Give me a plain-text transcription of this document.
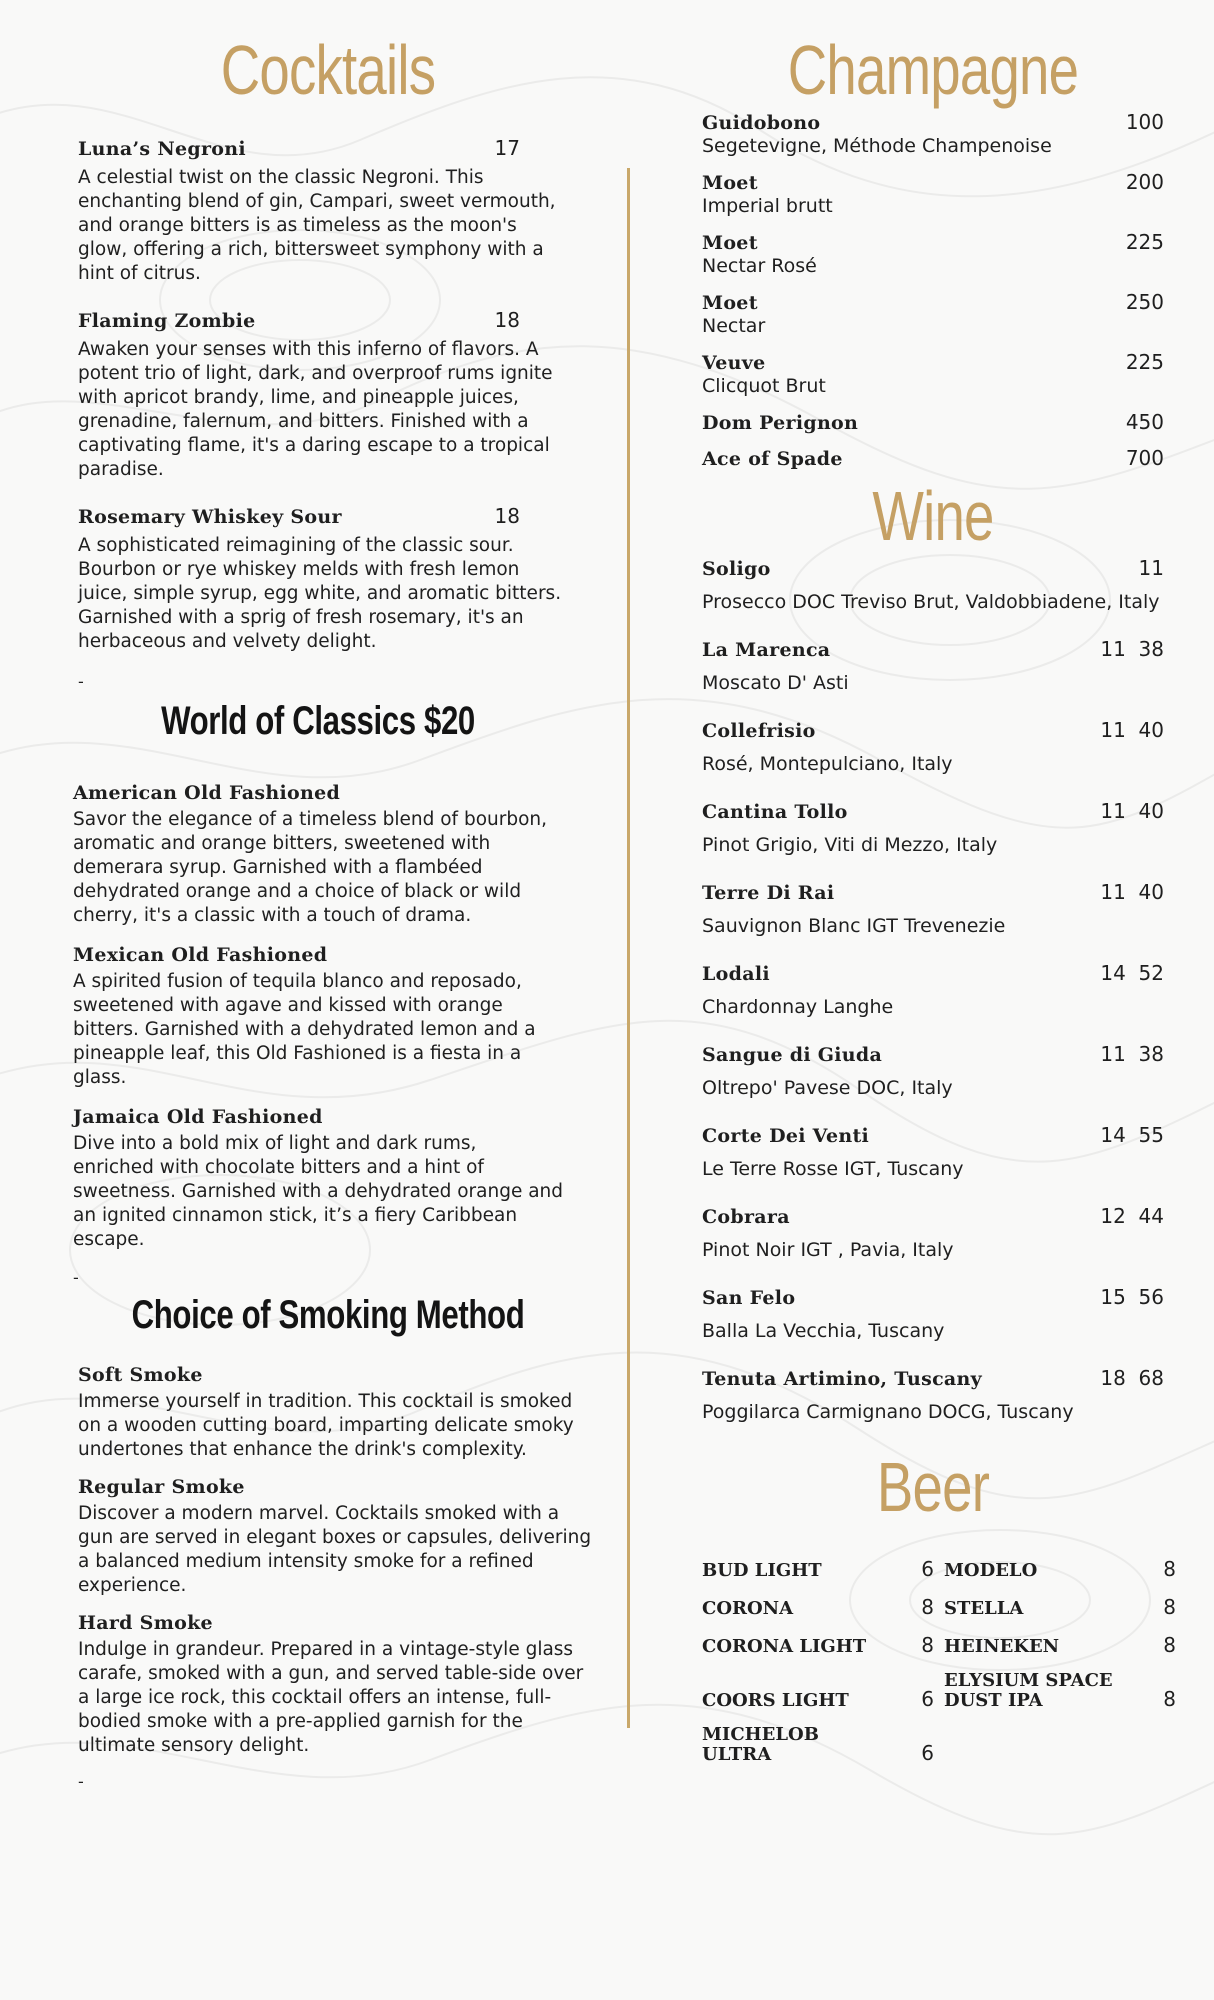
Cocktails
Luna’s Negroni	17
A celestial twist on the classic Negroni. This enchanting blend of gin, Campari, sweet vermouth, and orange bitters is as timeless as the moon's glow, offering a rich, bittersweet symphony with a hint of citrus.
Flaming Zombie	18
Awaken your senses with this inferno of flavors. A potent trio of light, dark, and overproof rums ignite with apricot brandy, lime, and pineapple juices, grenadine, falernum, and bitters. Finished with a captivating flame, it's a daring escape to a tropical paradise.
Rosemary Whiskey Sour	18
A sophisticated reimagining of the classic sour. Bourbon or rye whiskey melds with fresh lemon juice, simple syrup, egg white, and aromatic bitters. Garnished with a sprig of fresh rosemary, it's an herbaceous and velvety delight.
-
World of Classics $20
American Old Fashioned
Savor the elegance of a timeless blend of bourbon, aromatic and orange bitters, sweetened with demerara syrup. Garnished with a flambéed dehydrated orange and a choice of black or wild cherry, it's a classic with a touch of drama.
Mexican Old Fashioned
A spirited fusion of tequila blanco and reposado, sweetened with agave and kissed with orange bitters. Garnished with a dehydrated lemon and a pineapple leaf, this Old Fashioned is a fiesta in a glass.
Jamaica Old Fashioned
Dive into a bold mix of light and dark rums, enriched with chocolate bitters and a hint of sweetness. Garnished with a dehydrated orange and an ignited cinnamon stick, it’s a fiery Caribbean escape.
-
Choice of Smoking Method
Soft Smoke
Immerse yourself in tradition. This cocktail is smoked on a wooden cutting board, imparting delicate smoky undertones that enhance the drink's complexity.
Regular Smoke
Discover a modern marvel. Cocktails smoked with a gun are served in elegant boxes or capsules, delivering a balanced medium intensity smoke for a refined experience.
Hard Smoke
Indulge in grandeur. Prepared in a vintage-style glass carafe, smoked with a gun, and served table-side over a large ice rock, this cocktail offers an intense, full-bodied smoke with a pre-applied garnish for the ultimate sensory delight.
-
Champagne
Guidobono	100
Segetevigne, Méthode Champenoise
Moet	200
Imperial brutt
Moet	225
Nectar Rosé
Moet	250
Nectar
Veuve	225
Clicquot Brut
Dom Perignon	450
Ace of Spade	700
Wine
Soligo	11
Prosecco DOC Treviso Brut, Valdobbiadene, Italy
La Marenca	11  38
Moscato D' Asti
Collefrisio	11  40
Rosé, Montepulciano, Italy
Cantina Tollo	11  40
Pinot Grigio, Viti di Mezzo, Italy
Terre Di Rai	11  40
Sauvignon Blanc IGT Trevenezie
Lodali	14  52
Chardonnay Langhe
Sangue di Giuda	11  38
Oltrepo' Pavese DOC, Italy
Corte Dei Venti	14  55
Le Terre Rosse IGT, Tuscany
Cobrara	12  44
Pinot Noir IGT , Pavia, Italy
San Felo	15  56
Balla La Vecchia, Tuscany
Tenuta Artimino, Tuscany	18  68
Poggilarca Carmignano DOCG, Tuscany
Beer
BUD LIGHT	6 MODELO	8
CORONA	8 STELLA	8
CORONA LIGHT	8 HEINEKEN	8
COORS LIGHT	6
ELYSIUM SPACE DUST IPA	8
MICHELOB ULTRA	6
